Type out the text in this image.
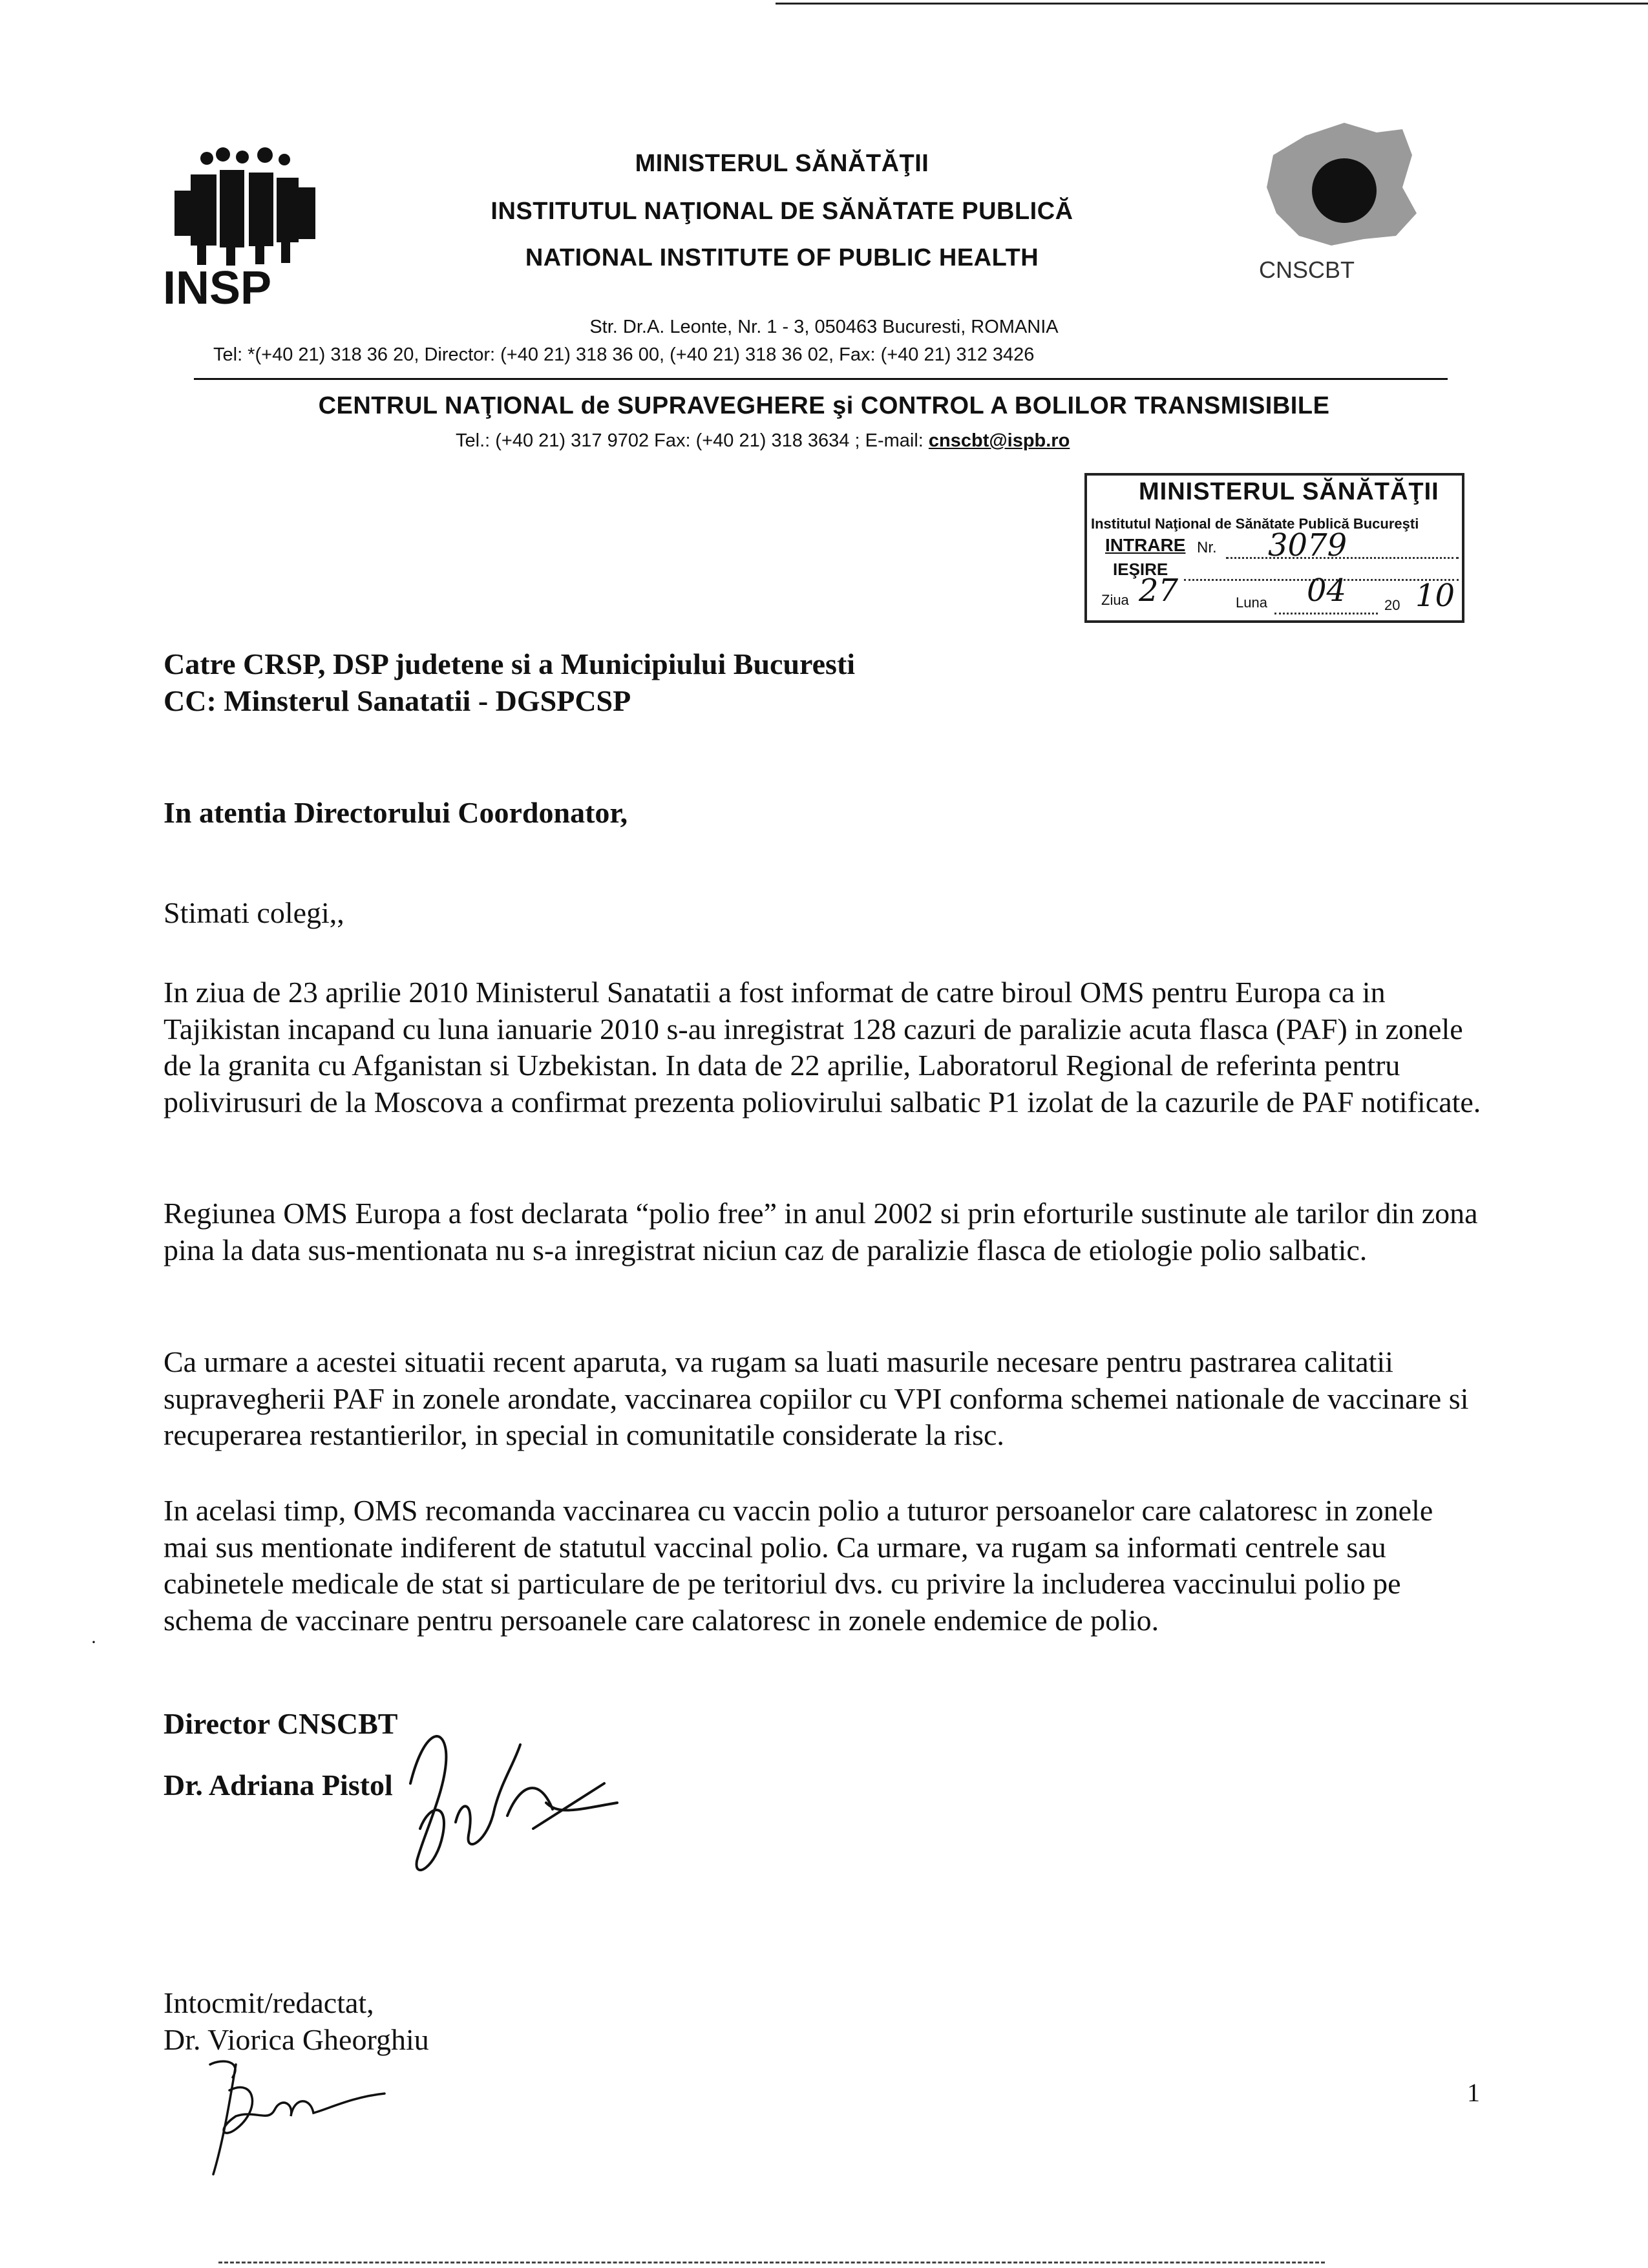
INSP	CNSCBT
MINISTERUL SĂNĂTĂŢII
INSTITUTUL NAŢIONAL DE SĂNĂTATE PUBLICĂ
NATIONAL INSTITUTE OF PUBLIC HEALTH
Str. Dr.A. Leonte, Nr. 1 - 3, 050463 Bucuresti, ROMANIA
Tel: *(+40 21) 318 36 20, Director: (+40 21) 318 36 00, (+40 21) 318 36 02, Fax: (+40 21) 312 3426
CENTRUL NAŢIONAL de SUPRAVEGHERE şi CONTROL A BOLILOR TRANSMISIBILE
Tel.: (+40 21) 317 9702 Fax: (+40 21) 318 3634 ; E-mail: cnscbt@ispb.ro
MINISTERUL SĂNĂTĂŢII
Institutul Naţional de Sănătate Publică Bucureşti
INTRARE Nr. 3079
IEŞIRE
Ziua 27	Luna 04	20 10
Catre CRSP, DSP judetene si a Municipiului Bucuresti
CC: Minsterul Sanatatii - DGSPCSP
In atentia Directorului Coordonator,
Stimati colegi,,
In ziua de 23 aprilie 2010 Ministerul Sanatatii a fost informat de catre biroul OMS pentru Europa ca in Tajikistan incapand cu luna ianuarie 2010 s-au inregistrat 128 cazuri de paralizie acuta flasca (PAF) in zonele de la granita cu Afganistan si Uzbekistan. In data de 22 aprilie, Laboratorul Regional de referinta pentru polivirusuri de la Moscova a confirmat prezenta poliovirului salbatic P1 izolat de la cazurile de PAF notificate.
Regiunea OMS Europa a fost declarata “polio free” in anul 2002 si prin eforturile sustinute ale tarilor din zona pina la data sus-mentionata nu s-a inregistrat niciun caz de paralizie flasca de etiologie polio salbatic.
Ca urmare a acestei situatii recent aparuta, va rugam sa luati masurile necesare pentru pastrarea calitatii supravegherii PAF in zonele arondate, vaccinarea copiilor cu VPI conforma schemei nationale de vaccinare si recuperarea restantierilor, in special in comunitatile considerate la risc.
In acelasi timp, OMS recomanda vaccinarea cu vaccin polio a tuturor persoanelor care calatoresc in zonele mai sus mentionate indiferent de statutul vaccinal polio. Ca urmare, va rugam sa informati centrele sau cabinetele medicale de stat si particulare de pe teritoriul dvs. cu privire la includerea vaccinului polio pe schema de vaccinare pentru persoanele care calatoresc in zonele endemice de polio.
·
Director CNSCBT
Dr. Adriana Pistol
Intocmit/redactat,
Dr. Viorica Gheorghiu
1
